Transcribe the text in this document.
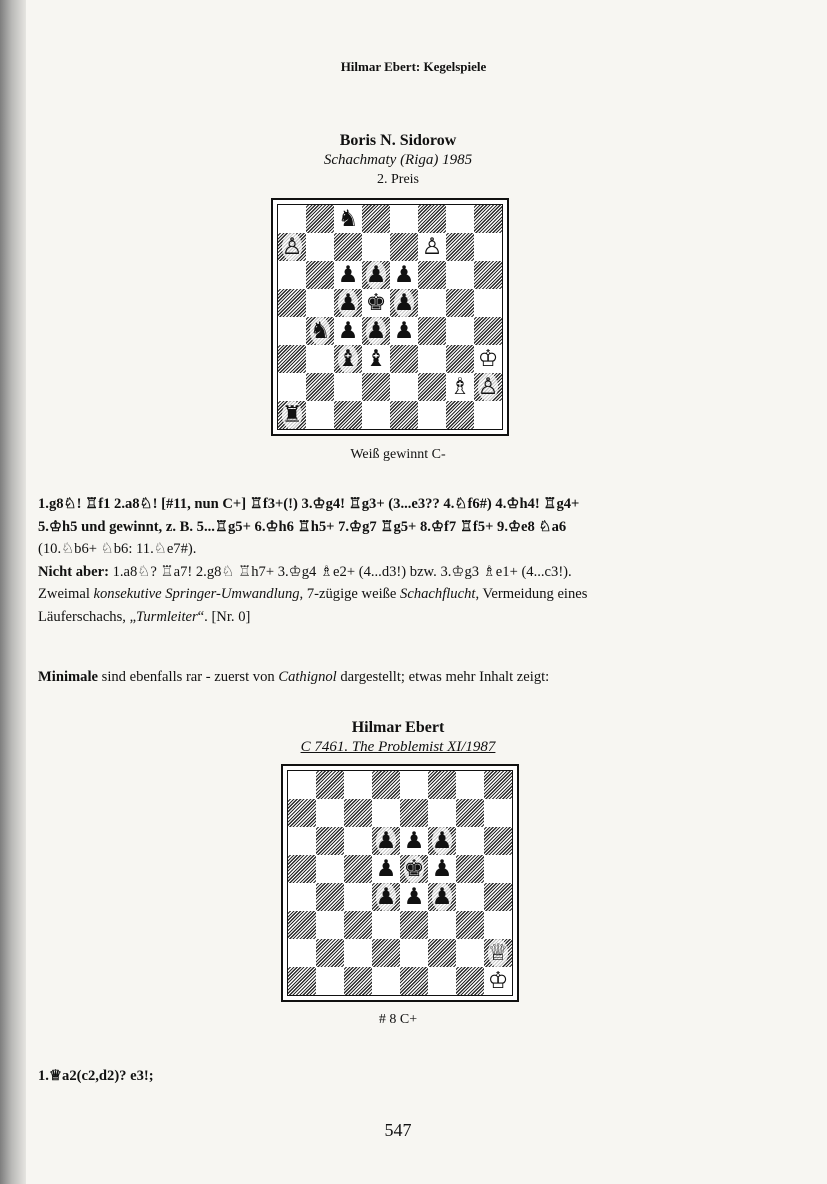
Hilmar Ebert: Kegelspiele
Boris N. Sidorow
Schachmaty (Riga) 1985
2. Preis
♞
♙	♙
♟ ♟ ♟
♟ ♚ ♟
♞ ♟ ♟ ♟
♝ ♝	♔
♗ ♙
♜
Weiß gewinnt C-

1.g8♘! ♖f1 2.a8♘! [#11, nun C+] ♖f3+(!) 3.♔g4! ♖g3+ (3...e3?? 4.♘f6#) 4.♔h4! ♖g4+

5.♔h5 und gewinnt, z. B. 5...♖g5+ 6.♔h6 ♖h5+ 7.♔g7 ♖g5+ 8.♔f7 ♖f5+ 9.♔e8 ♘a6

(10.♘b6+ ♘b6: 11.♘e7#).

Nicht aber: 1.a8♘? ♖a7! 2.g8♘ ♖h7+ 3.♔g4 ♗e2+ (4...d3!) bzw. 3.♔g3 ♗e1+ (4...c3!).

Zweimal konsekutive Springer-Umwandlung, 7-zügige weiße Schachflucht, Vermeidung eines

Läuferschachs, „Turmleiter“. [Nr. 0]

Minimale sind ebenfalls rar - zuerst von Cathignol dargestellt; etwas mehr Inhalt zeigt:

Hilmar Ebert
C 7461. The Problemist XI/1987
♟ ♟ ♟
♟ ♚ ♟
♟ ♟ ♟
♕
♔
# 8 C+

1.♕a2(c2,d2)? e3!;

547
